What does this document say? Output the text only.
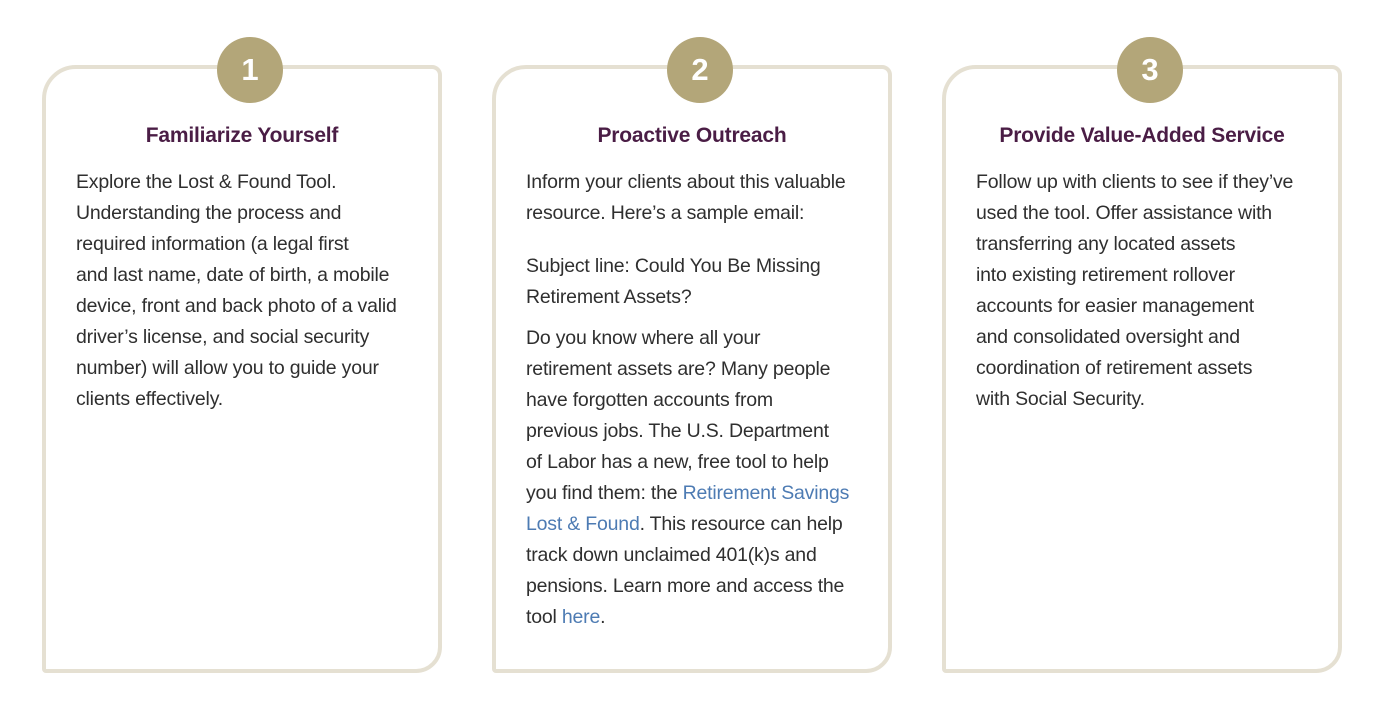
1
Familiarize Yourself

Explore the Lost & Found Tool.
Understanding the process and
required information (a legal first
and last name, date of birth, a mobile
device, front and back photo of a valid
driver’s license, and social security
number) will allow you to guide your
clients effectively.

2
Proactive Outreach

Inform your clients about this valuable
resource. Here’s a sample email:

Subject line: Could You Be Missing
Retirement Assets?

Do you know where all your
retirement assets are? Many people
have forgotten accounts from
previous jobs. The U.S. Department
of Labor has a new, free tool to help
you find them: the Retirement Savings
Lost & Found. This resource can help
track down unclaimed 401(k)s and
pensions. Learn more and access the
tool here.

3
Provide Value-Added Service

Follow up with clients to see if they’ve
used the tool. Offer assistance with
transferring any located assets
into existing retirement rollover
accounts for easier management
and consolidated oversight and
coordination of retirement assets
with Social Security.
